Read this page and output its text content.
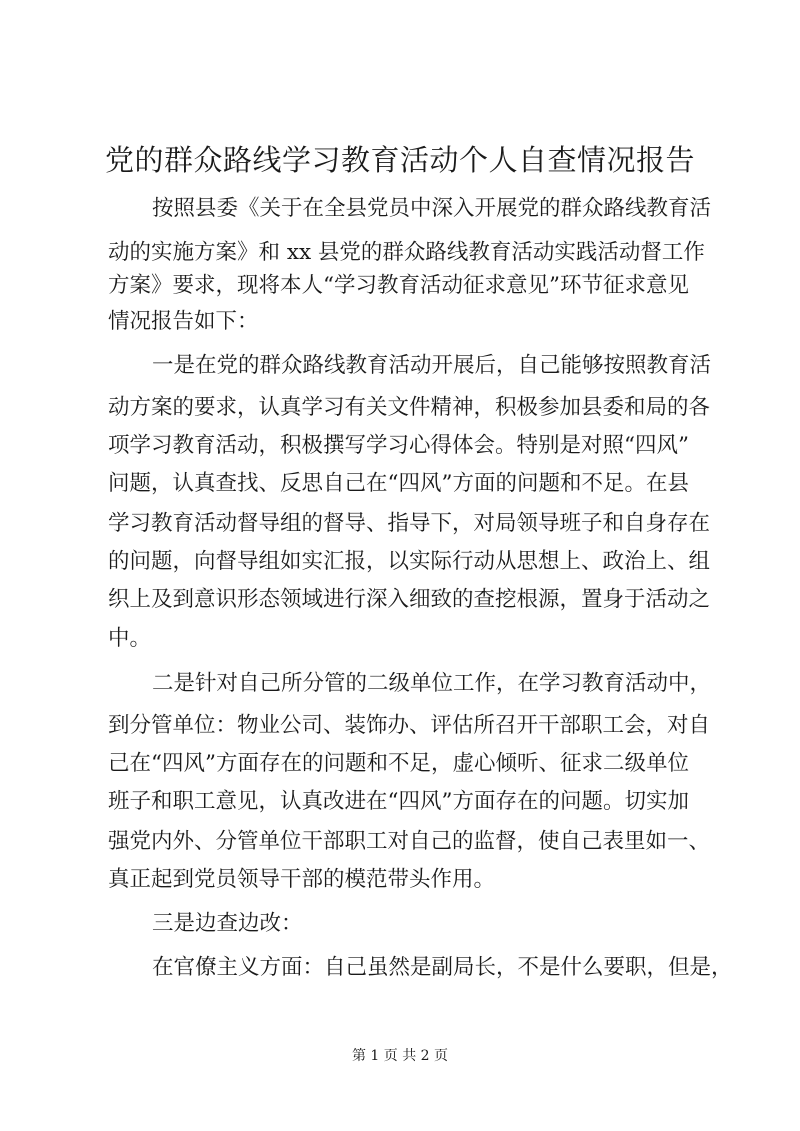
党的群众路线学习教育活动个人自查情况报告
按照县委《关于在全县党员中深入开展党的群众路线教育活
动的实施方案》和 xx 县党的群众路线教育活动实践活动督工作
方案》要求，现将本人“学习教育活动征求意见”环节征求意见
情况报告如下：
一是在党的群众路线教育活动开展后，自己能够按照教育活
动方案的要求，认真学习有关文件精神，积极参加县委和局的各
项学习教育活动，积极撰写学习心得体会。特别是对照“四风”
问题，认真查找、反思自己在“四风”方面的问题和不足。在县
学习教育活动督导组的督导、指导下，对局领导班子和自身存在
的问题，向督导组如实汇报，以实际行动从思想上、政治上、组
织上及到意识形态领域进行深入细致的查挖根源，置身于活动之
中。
二是针对自己所分管的二级单位工作，在学习教育活动中，
到分管单位：物业公司、装饰办、评估所召开干部职工会，对自
己在“四风”方面存在的问题和不足，虚心倾听、征求二级单位
班子和职工意见，认真改进在“四风”方面存在的问题。切实加
强党内外、分管单位干部职工对自己的监督，使自己表里如一、
真正起到党员领导干部的模范带头作用。
三是边查边改：
在官僚主义方面：自己虽然是副局长，不是什么要职，但是，
第 1 页 共 2 页
